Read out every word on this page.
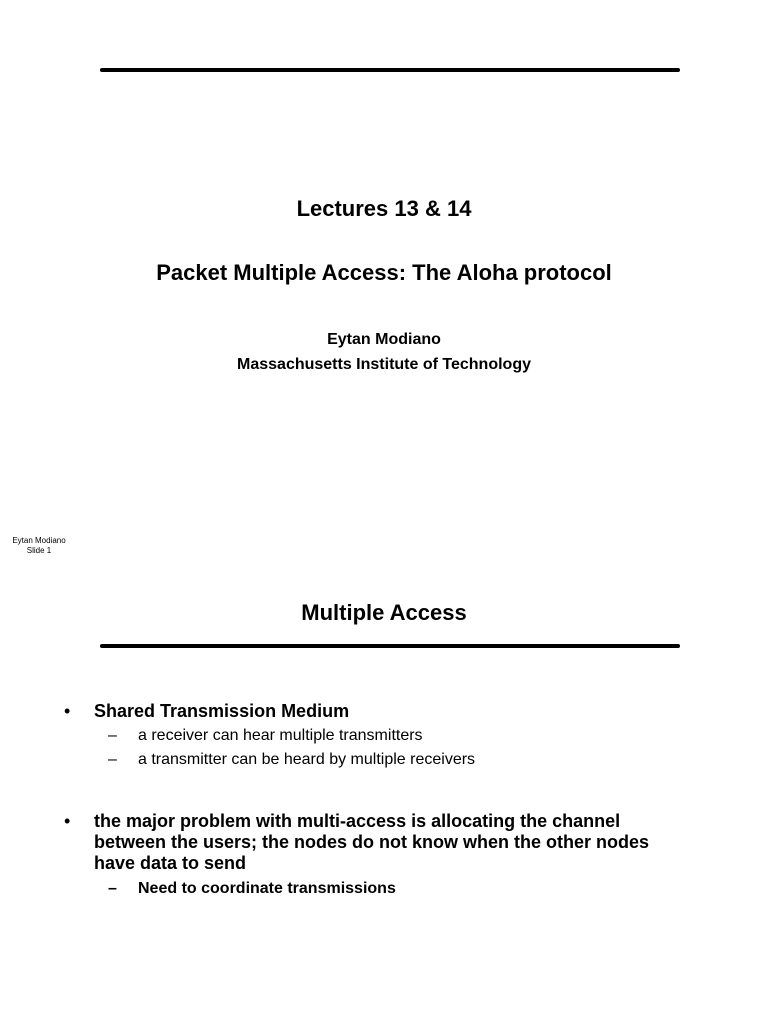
Lectures 13 & 14
Packet Multiple Access: The Aloha protocol
Eytan Modiano
Massachusetts Institute of Technology
Eytan Modiano
Slide 1
Multiple Access
•	Shared Transmission Medium
–	a receiver can hear multiple transmitters
–	a transmitter can be heard by multiple receivers
•	the major problem with multi-access is allocating the channel
between the users; the nodes do not know when the other nodes
have data to send
–	Need to coordinate transmissions
